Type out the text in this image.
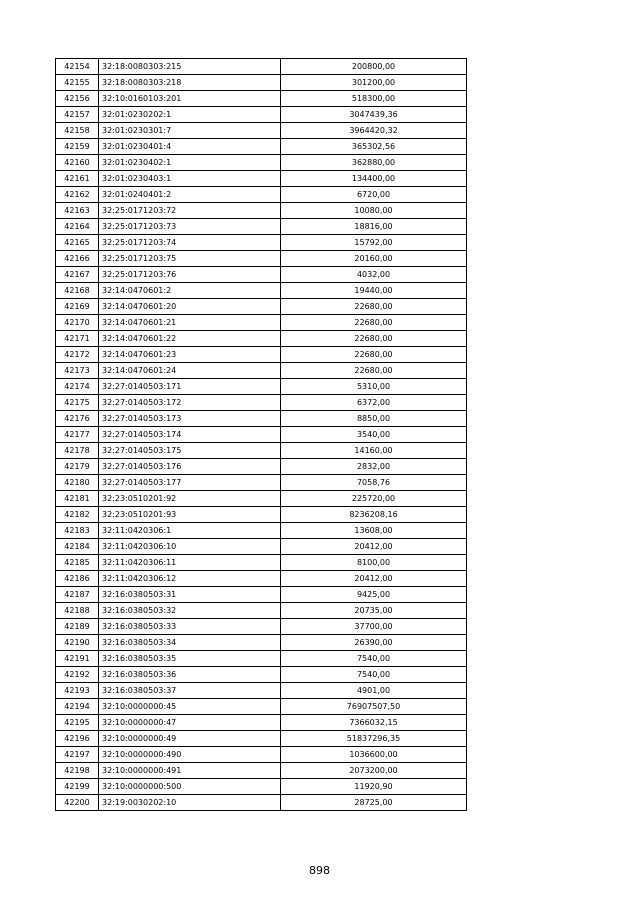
42154	32:18:0080303:215	200800,00
42155	32:18:0080303:218	301200,00
42156	32:10:0160103:201	518300,00
42157	32:01:0230202:1	3047439,36
42158	32:01:0230301:7	3964420,32
42159	32:01:0230401:4	365302,56
42160	32:01:0230402:1	362880,00
42161	32:01:0230403:1	134400,00
42162	32:01:0240401:2	6720,00
42163	32:25:0171203:72	10080,00
42164	32:25:0171203:73	18816,00
42165	32:25:0171203:74	15792,00
42166	32:25:0171203:75	20160,00
42167	32:25:0171203:76	4032,00
42168	32:14:0470601:2	19440,00
42169	32:14:0470601:20	22680,00
42170	32:14:0470601:21	22680,00
42171	32:14:0470601:22	22680,00
42172	32:14:0470601:23	22680,00
42173	32:14:0470601:24	22680,00
42174	32:27:0140503:171	5310,00
42175	32:27:0140503:172	6372,00
42176	32:27:0140503:173	8850,00
42177	32:27:0140503:174	3540,00
42178	32:27:0140503:175	14160,00
42179	32:27:0140503:176	2832,00
42180	32:27:0140503:177	7058,76
42181	32:23:0510201:92	225720,00
42182	32:23:0510201:93	8236208,16
42183	32:11:0420306:1	13608,00
42184	32:11:0420306:10	20412,00
42185	32:11:0420306:11	8100,00
42186	32:11:0420306:12	20412,00
42187	32:16:0380503:31	9425,00
42188	32:16:0380503:32	20735,00
42189	32:16:0380503:33	37700,00
42190	32:16:0380503:34	26390,00
42191	32:16:0380503:35	7540,00
42192	32:16:0380503:36	7540,00
42193	32:16:0380503:37	4901,00
42194	32:10:0000000:45	76907507,50
42195	32:10:0000000:47	7366032,15
42196	32:10:0000000:49	51837296,35
42197	32:10:0000000:490	1036600,00
42198	32:10:0000000:491	2073200,00
42199	32:10:0000000:500	11920,90
42200	32:19:0030202:10	28725,00
898
